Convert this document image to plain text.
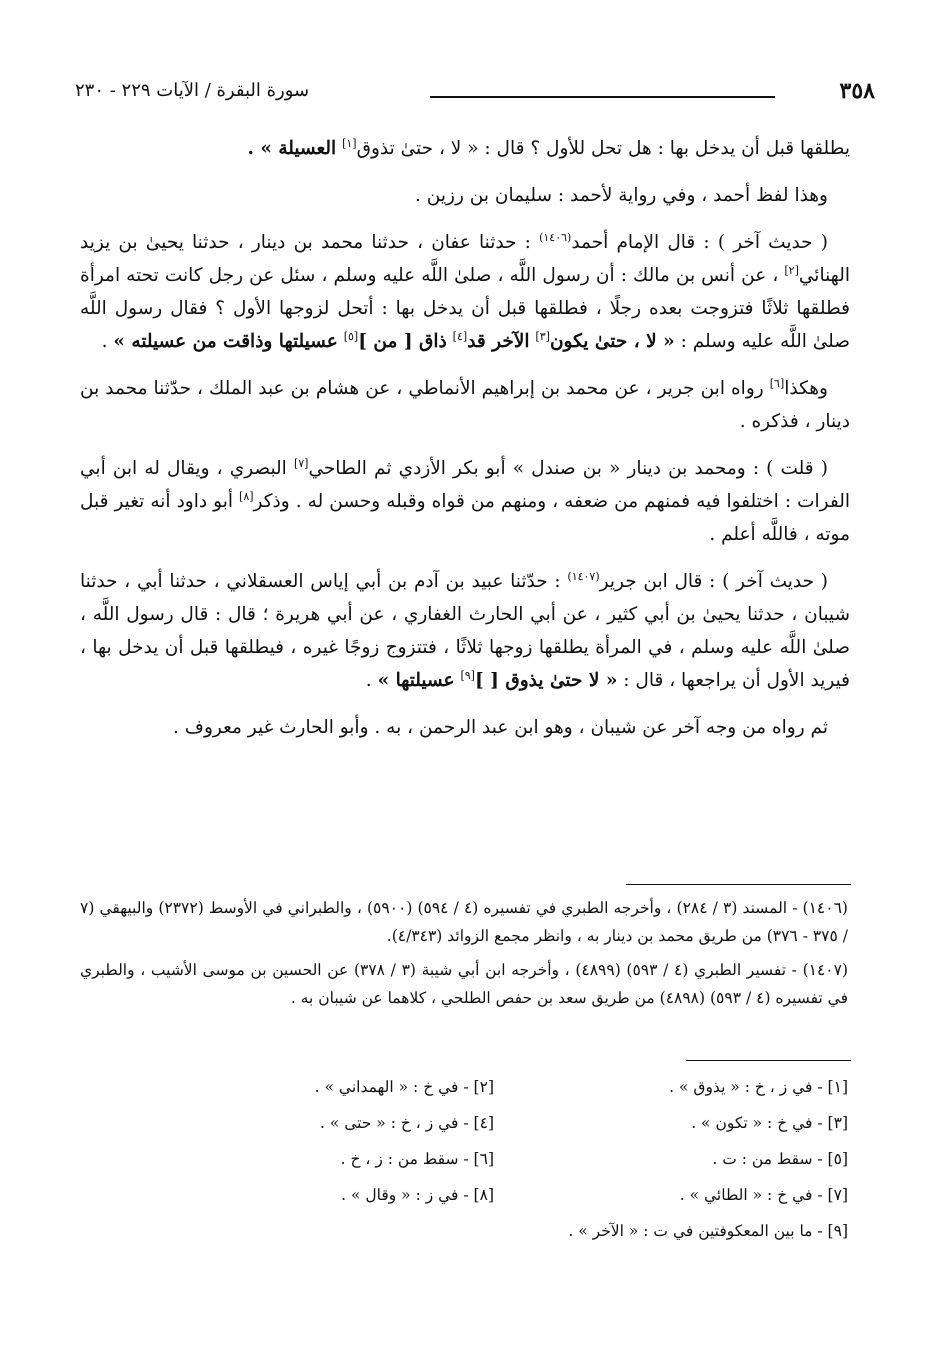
٣٥٨
سورة البقرة / الآيات ٢٢٩ - ٢٣٠

يطلقها قبل أن يدخل بها : هل تحل للأول ؟ قال : « لا ، حتىٰ تذوق[١] العسيلة » .

وهذا لفظ أحمد ، وفي رواية لأحمد : سليمان بن رزين .

( حديث آخر ) : قال الإمام أحمد$^{(١٤٠٦)}$ : حدثنا عفان ، حدثنا محمد بن دينار ، حدثنا يحيىٰ بن يزيد الهنائي[٢] ، عن أنس بن مالك : أن رسول اللَّه ، صلىٰ اللَّه عليه وسلم ، سئل عن رجل كانت تحته امرأة فطلقها ثلاثًا فتزوجت بعده رجلًا ، فطلقها قبل أن يدخل بها : أتحل لزوجها الأول ؟ فقال رسول اللَّه صلىٰ اللَّه عليه وسلم : « لا ، حتىٰ يكون[٣] الآخر قد[٤] ذاق [ من ][٥] عسيلتها وذاقت من عسيلته » .

وهكذا[٦] رواه ابن جرير ، عن محمد بن إبراهيم الأنماطي ، عن هشام بن عبد الملك ، حدّثنا محمد بن دينار ، فذكره .

( قلت ) : ومحمد بن دينار « بن صندل » أبو بكر الأزدي ثم الطاحي[٧] البصري ، ويقال له ابن أبي الفرات : اختلفوا فيه فمنهم من ضعفه ، ومنهم من قواه وقبله وحسن له . وذكر[٨] أبو داود أنه تغير قبل موته ، فاللَّه أعلم .

( حديث آخر ) : قال ابن جرير$^{(١٤٠٧)}$ : حدّثنا عبيد بن آدم بن أبي إياس العسقلاني ، حدثنا أبي ، حدثنا شيبان ، حدثنا يحيىٰ بن أبي كثير ، عن أبي الحارث الغفاري ، عن أبي هريرة ؛ قال : قال رسول اللَّه ، صلىٰ اللَّه عليه وسلم ، في المرأة يطلقها زوجها ثلاثًا ، فتتزوج زوجًا غيره ، فيطلقها قبل أن يدخل بها ، فيريد الأول أن يراجعها ، قال : « لا حتىٰ يذوق [ ][٩] عسيلتها » .

ثم رواه من وجه آخر عن شيبان ، وهو ابن عبد الرحمن ، به . وأبو الحارث غير معروف .

(١٤٠٦) - المسند (٣ / ٢٨٤) ، وأخرجه الطبري في تفسيره (٤ / ٥٩٤) (٥٩٠٠) ، والطبراني في الأوسط (٢٣٧٢) والبيهقي (٧ / ٣٧٥ - ٣٧٦) من طريق محمد بن دينار به ، وانظر مجمع الزوائد (٤/٣٤٣).

(١٤٠٧) - تفسير الطبري (٤ / ٥٩٣) (٤٨٩٩) ، وأخرجه ابن أبي شيبة (٣ / ٣٧٨) عن الحسين بن موسى الأشيب ، والطبري في تفسيره (٤ / ٥٩٣) (٤٨٩٨) من طريق سعد بن حفص الطلحي ، كلاهما عن شيبان به .

[١] - في ز ، خ : « يذوق » .
[٢] - في خ : « الهمداني » .
[٣] - في خ : « تكون » .
[٤] - في ز ، خ : « حتى » .
[٥] - سقط من : ت .
[٦] - سقط من : ز ، خ .
[٧] - في خ : « الطائي » .
[٨] - في ز : « وقال » .
[٩] - ما بين المعكوفتين في ت : « الآخر » .
